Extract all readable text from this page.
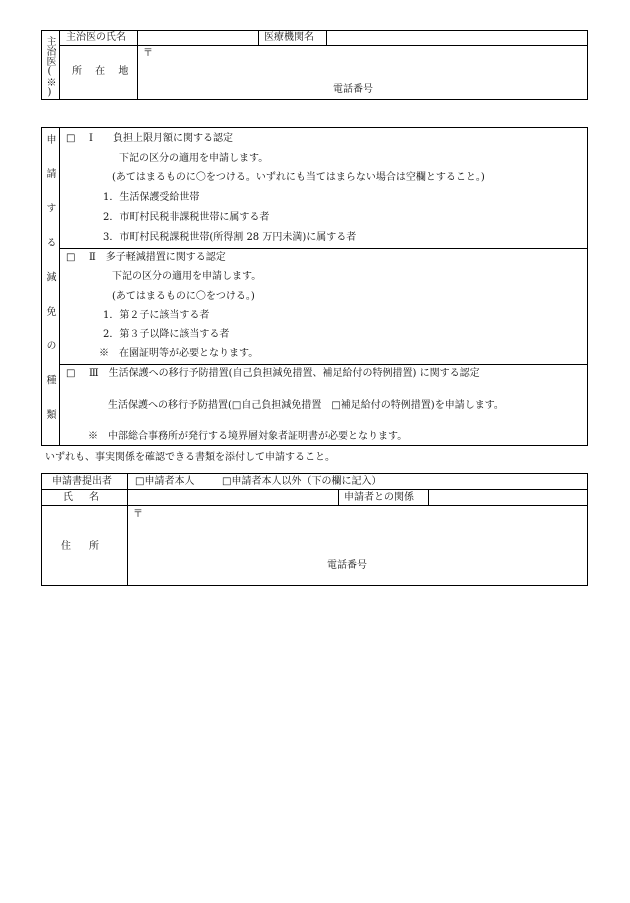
主治医(※) 主治医の氏名	医療機関名
所 在 地
〒
電話番号
申請する減免の種類 □ Ⅰ　　負担上限月額に関する認定
下記の区分の適用を申請します。
(あてはまるものに〇をつける。いずれにも当てはまらない場合は空欄とすること。)
1．生活保護受給世帯
2．市町村民税非課税世帯に属する者
3．市町村民税課税世帯(所得割 28 万円未満)に属する者
□ Ⅱ　多子軽減措置に関する認定
下記の区分の適用を申請します。
(あてはまるものに〇をつける。)
1．第２子に該当する者
2．第３子以降に該当する者
※　在園証明等が必要となります。
□ Ⅲ　生活保護への移行予防措置(自己負担減免措置、補足給付の特例措置) に関する認定
生活保護への移行予防措置(□自己負担減免措置　□補足給付の特例措置)を申請します。
※　中部総合事務所が発行する境界層対象者証明書が必要となります。
いずれも、事実関係を確認できる書類を添付して申請すること。
申請書提出者 □申請者本人	□申請者本人以外（下の欄に記入）
氏　名	申請者との関係
住　所
〒
電話番号
